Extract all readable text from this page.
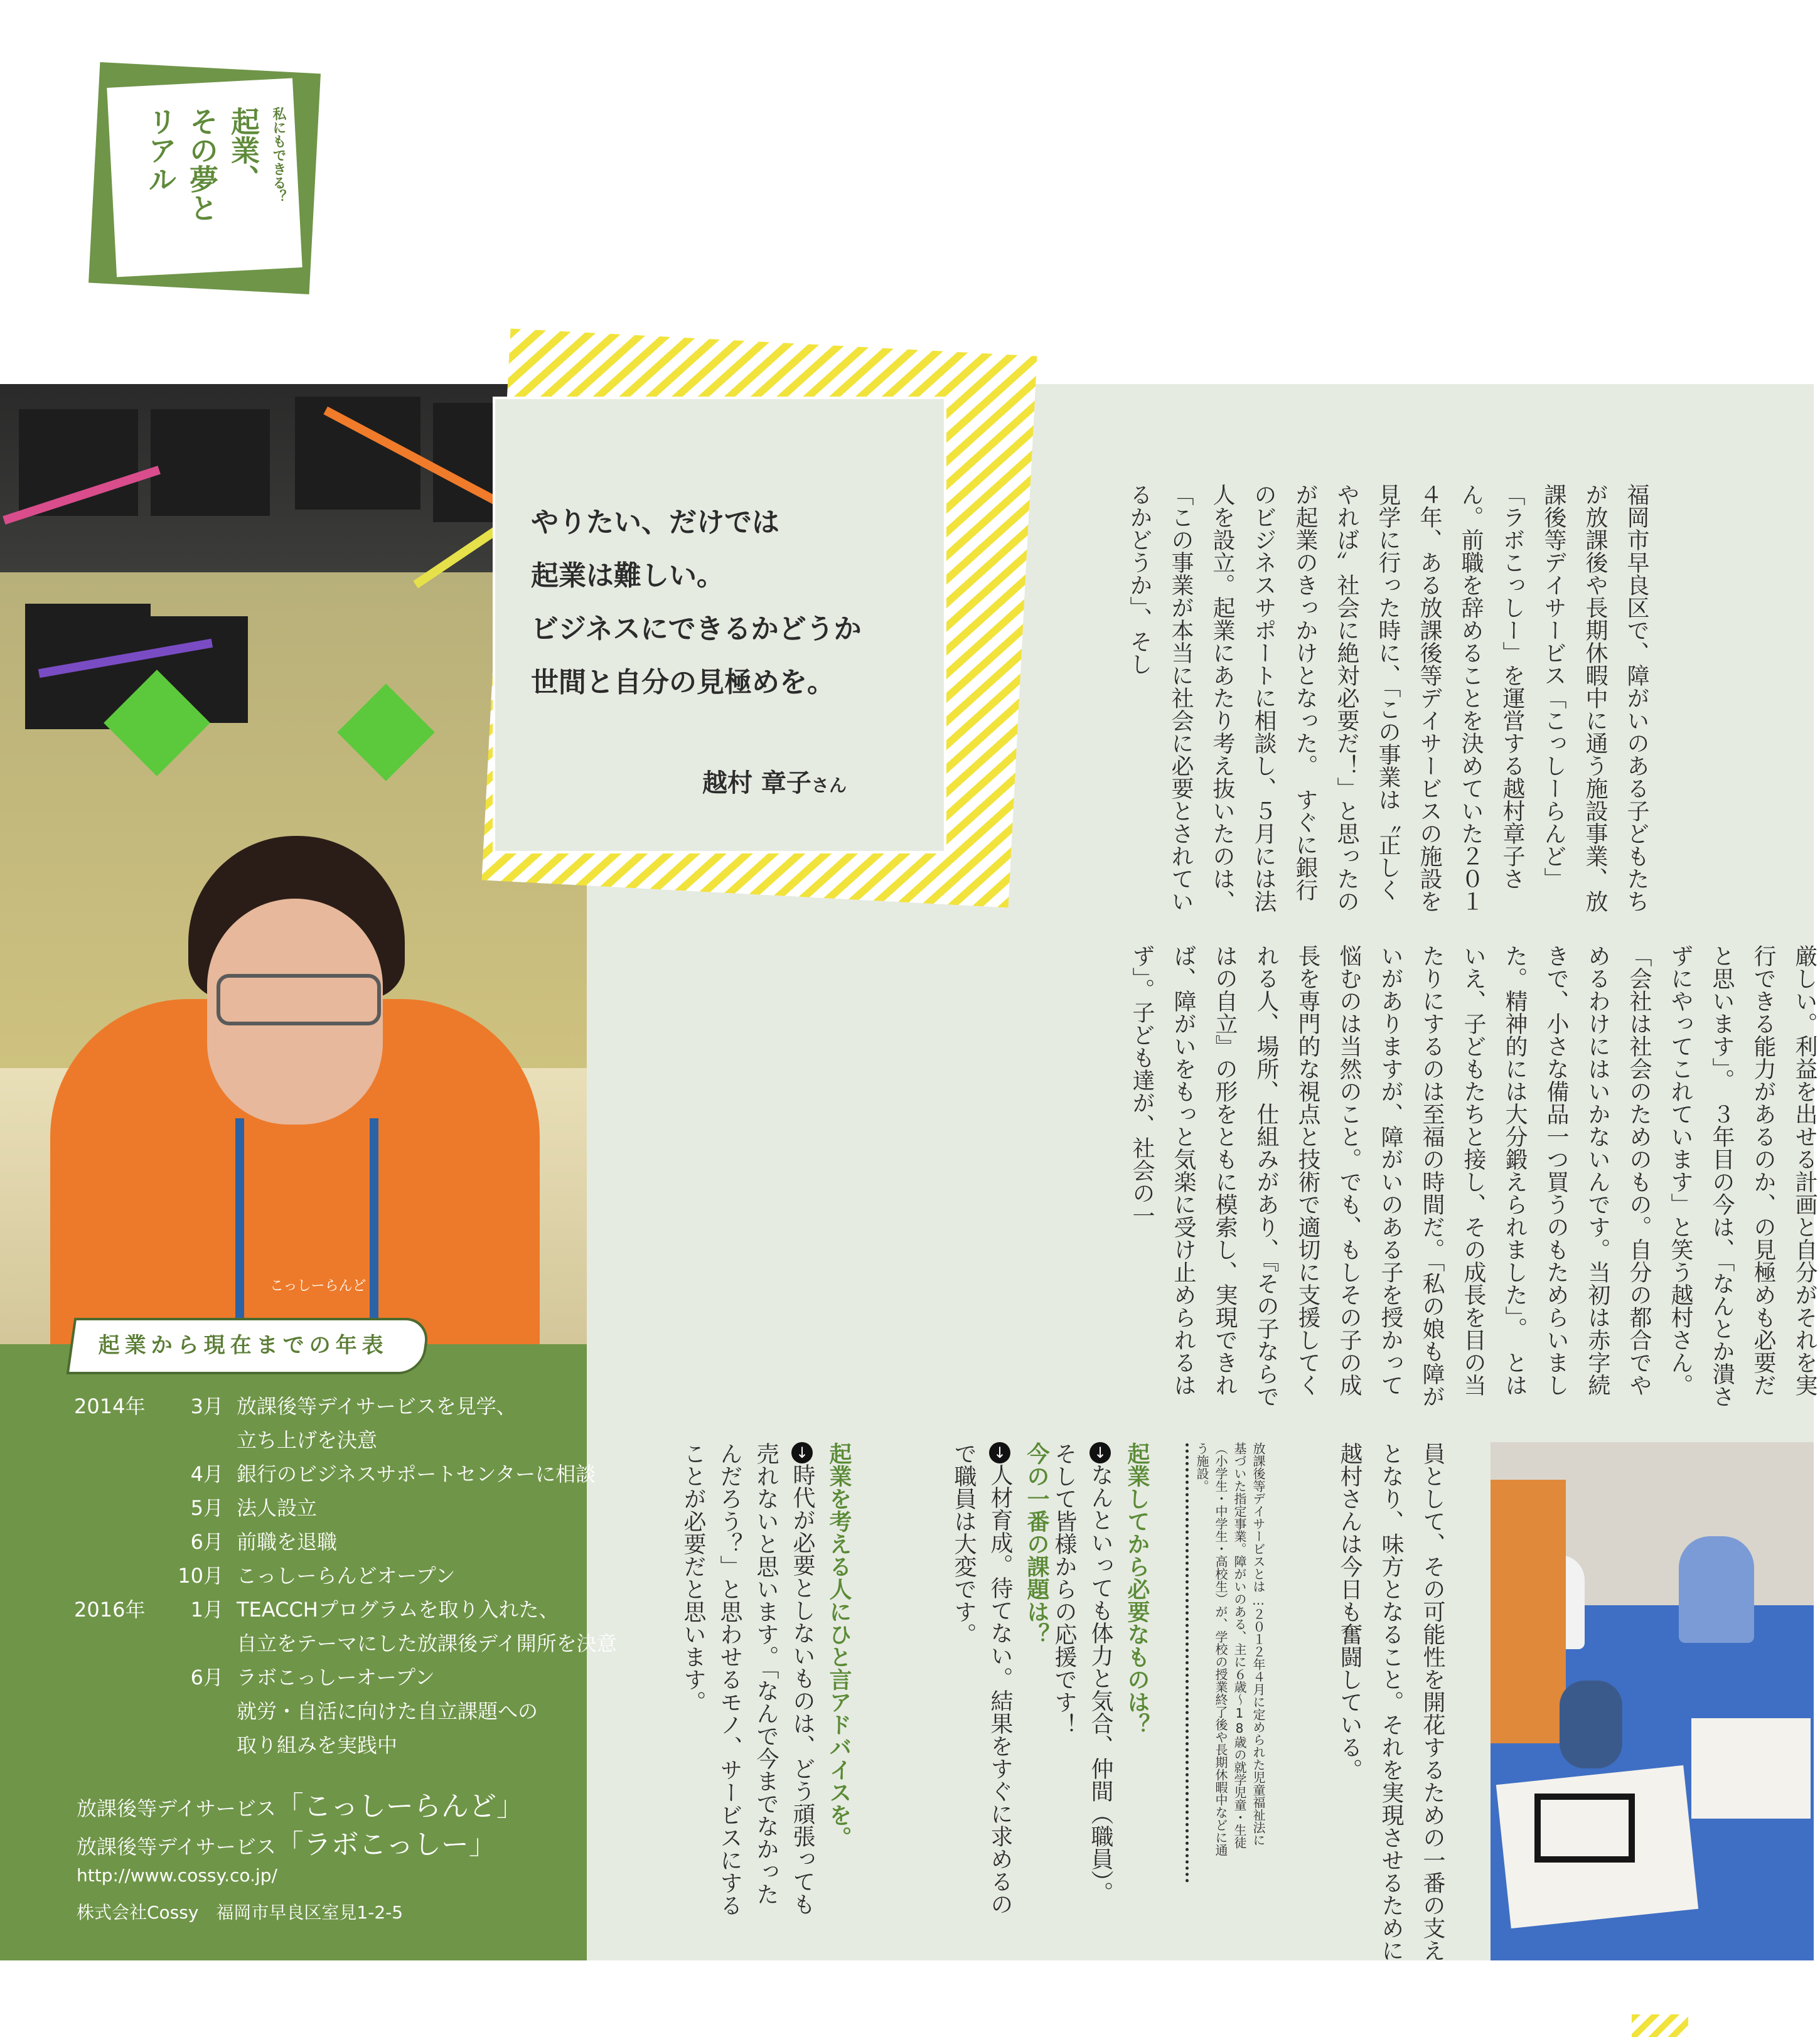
私にもできる？
起業、
その夢と
リアル
こっしーらんど
やりたい、だけでは
起業は難しい。
ビジネスにできるかどうか
世間と自分の見極めを。
越村 章子さん	福岡市早良区で、障がいのある子どもたちが放課後や長期休暇中に通う施設事業、放課後等デイサービス「こっしーらんど」「ラボこっしー」を運営する越村章子さん。前職を辞めることを決めていた２０１４年、ある放課後等デイサービスの施設を見学に行った時に、「この事業は〝正しくやれば〟社会に絶対必要だ！」と思ったのが起業のきっかけとなった。　すぐに銀行のビジネスサポートに相談し、５月には法人を設立。起業にあたり考え抜いたのは、「この事業が本当に社会に必要とされているかどうか」、そし

厳しい。利益を出せる計画と自分がそれを実行できる能力があるのか、の見極めも必要だと思います」。　３年目の今は、「なんとか潰さずにやってこれています」と笑う越村さん。「会社は社会のためのもの。自分の都合でやめるわけにはいかないんです。当初は赤字続きで、小さな備品一つ買うのもためらいました。精神的には大分鍛えられました」。　とはいえ、子どもたちと接し、その成長を目の当たりにするのは至福の時間だ。「私の娘も障がいがありますが、障がいのある子を授かって悩むのは当然のこと。でも、もしその子の成長を専門的な視点と技術で適切に支援してくれる人、場所、仕組みがあり、『その子ならではの自立』の形をともに模索し、実現できれば、障がいをもっと気楽に受け止められるはず」。子ども達が、社会の一

員として、その可能性を開花するための一番の支えとなり、味方となること。それを実現させるために越村さんは今日も奮闘している。

放課後等デイサービスとは…２０１２年４月に定められた児童福祉法に基づいた指定事業。障がいのある、主に６歳～18歳の就学児童・生徒（小学生・中学生・高校生）が、学校の授業終了後や長期休暇中などに通う施設。

起業してから必要なものは？
↓なんといっても体力と気合、仲間（職員）。そして皆様からの応援です！
今の一番の課題は？
↓人材育成。待てない。結果をすぐに求めるので職員は大変です。
起業を考える人にひと言アドバイスを。
↓時代が必要としないものは、どう頑張っても売れないと思います。「なんで今までなかったんだろう？」と思わせるモノ、サービスにすることが必要だと思います。
起業から現在までの年表
2014年	3月 放課後等デイサービスを見学、
立ち上げを決意
4月 銀行のビジネスサポートセンターに相談
5月 法人設立
6月 前職を退職
10月 こっしーらんどオープン
2016年	1月 TEACCHプログラムを取り入れた、
自立をテーマにした放課後デイ開所を決意
6月 ラボこっしーオープン
就労・自活に向けた自立課題への
取り組みを実践中
放課後等デイサービス「こっしーらんど」
放課後等デイサービス「ラボこっしー」
http://www.cossy.co.jp/
株式会社Cossy　福岡市早良区室見1-2-5
